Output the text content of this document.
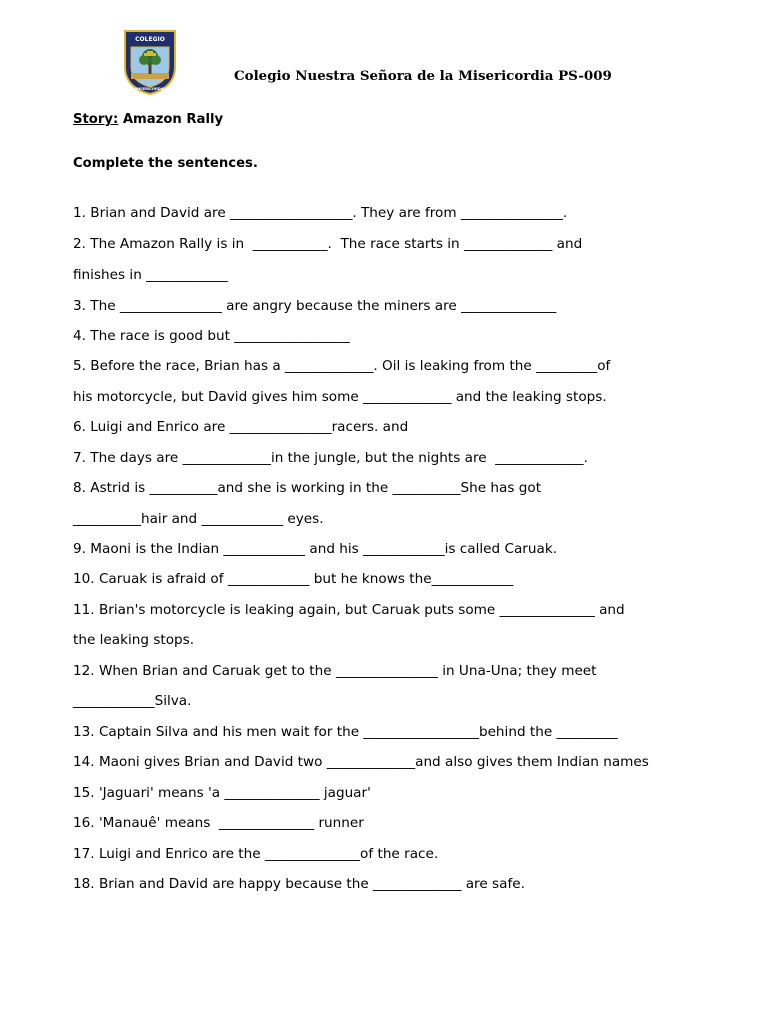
COLEGIO
MISERICORDIA
Colegio Nuestra Señora de la Misericordia PS-009
Story: Amazon Rally
Complete the sentences.
1. Brian and David are __________________. They are from _______________.
2. The Amazon Rally is in  ___________.  The race starts in _____________ and
finishes in ____________
3. The _______________ are angry because the miners are ______________
4. The race is good but _________________
5. Before the race, Brian has a _____________. Oil is leaking from the _________of
his motorcycle, but David gives him some _____________ and the leaking stops.
6. Luigi and Enrico are _______________racers. and
7. The days are _____________in the jungle, but the nights are  _____________.
8. Astrid is __________and she is working in the __________She has got
__________hair and ____________ eyes.
9. Maoni is the Indian ____________ and his ____________is called Caruak.
10. Caruak is afraid of ____________ but he knows the____________
11. Brian's motorcycle is leaking again, but Caruak puts some ______________ and
the leaking stops.
12. When Brian and Caruak get to the _______________ in Una-Una; they meet
____________Silva.
13. Captain Silva and his men wait for the _________________behind the _________
14. Maoni gives Brian and David two _____________and also gives them Indian names
15. 'Jaguari' means 'a ______________ jaguar'
16. 'Manauê' means  ______________ runner
17. Luigi and Enrico are the ______________of the race.
18. Brian and David are happy because the _____________ are safe.
